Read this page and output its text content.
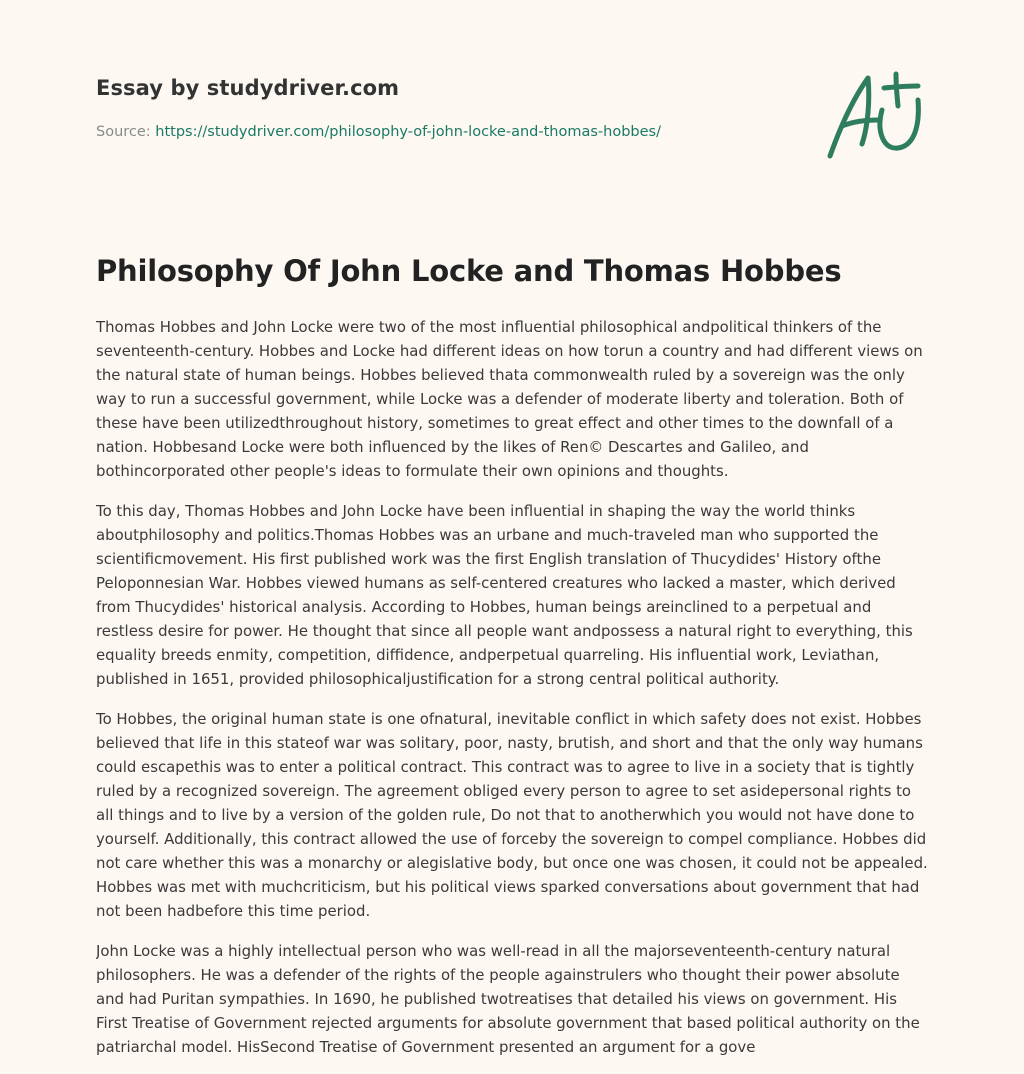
Essay by studydriver.com
Source: https://studydriver.com/philosophy-of-john-locke-and-thomas-hobbes/
Philosophy Of John Locke and Thomas Hobbes

Thomas Hobbes and John Locke were two of the most influential philosophical andpolitical thinkers of the seventeenth-century. Hobbes and Locke had different ideas on how torun a country and had different views on the natural state of human beings. Hobbes believed thata commonwealth ruled by a sovereign was the only way to run a successful government, while Locke was a defender of moderate liberty and toleration. Both of these have been utilizedthroughout history, sometimes to great effect and other times to the downfall of a nation. Hobbesand Locke were both influenced by the likes of Ren© Descartes and Galileo, and bothincorporated other people's ideas to formulate their own opinions and thoughts.

To this day, Thomas Hobbes and John Locke have been influential in shaping the way the world thinks aboutphilosophy and politics.Thomas Hobbes was an urbane and much-traveled man who supported the scientificmovement. His first published work was the first English translation of Thucydides' History ofthe Peloponnesian War. Hobbes viewed humans as self-centered creatures who lacked a master, which derived from Thucydides' historical analysis. According to Hobbes, human beings areinclined to a perpetual and restless desire for power. He thought that since all people want andpossess a natural right to everything, this equality breeds enmity, competition, diffidence, andperpetual quarreling. His influential work, Leviathan, published in 1651, provided philosophicaljustification for a strong central political authority.

To Hobbes, the original human state is one ofnatural, inevitable conflict in which safety does not exist. Hobbes believed that life in this stateof war was solitary, poor, nasty, brutish, and short and that the only way humans could escapethis was to enter a political contract. This contract was to agree to live in a society that is tightly ruled by a recognized sovereign. The agreement obliged every person to agree to set asidepersonal rights to all things and to live by a version of the golden rule, Do not that to anotherwhich you would not have done to yourself. Additionally, this contract allowed the use of forceby the sovereign to compel compliance. Hobbes did not care whether this was a monarchy or alegislative body, but once one was chosen, it could not be appealed. Hobbes was met with muchcriticism, but his political views sparked conversations about government that had not been hadbefore this time period.

John Locke was a highly intellectual person who was well-read in all the majorseventeenth-century natural philosophers. He was a defender of the rights of the people againstrulers who thought their power absolute and had Puritan sympathies. In 1690, he published twotreatises that detailed his views on government. His First Treatise of Government rejected arguments for absolute government that based political authority on the patriarchal model. HisSecond Treatise of Government presented an argument for a gove
